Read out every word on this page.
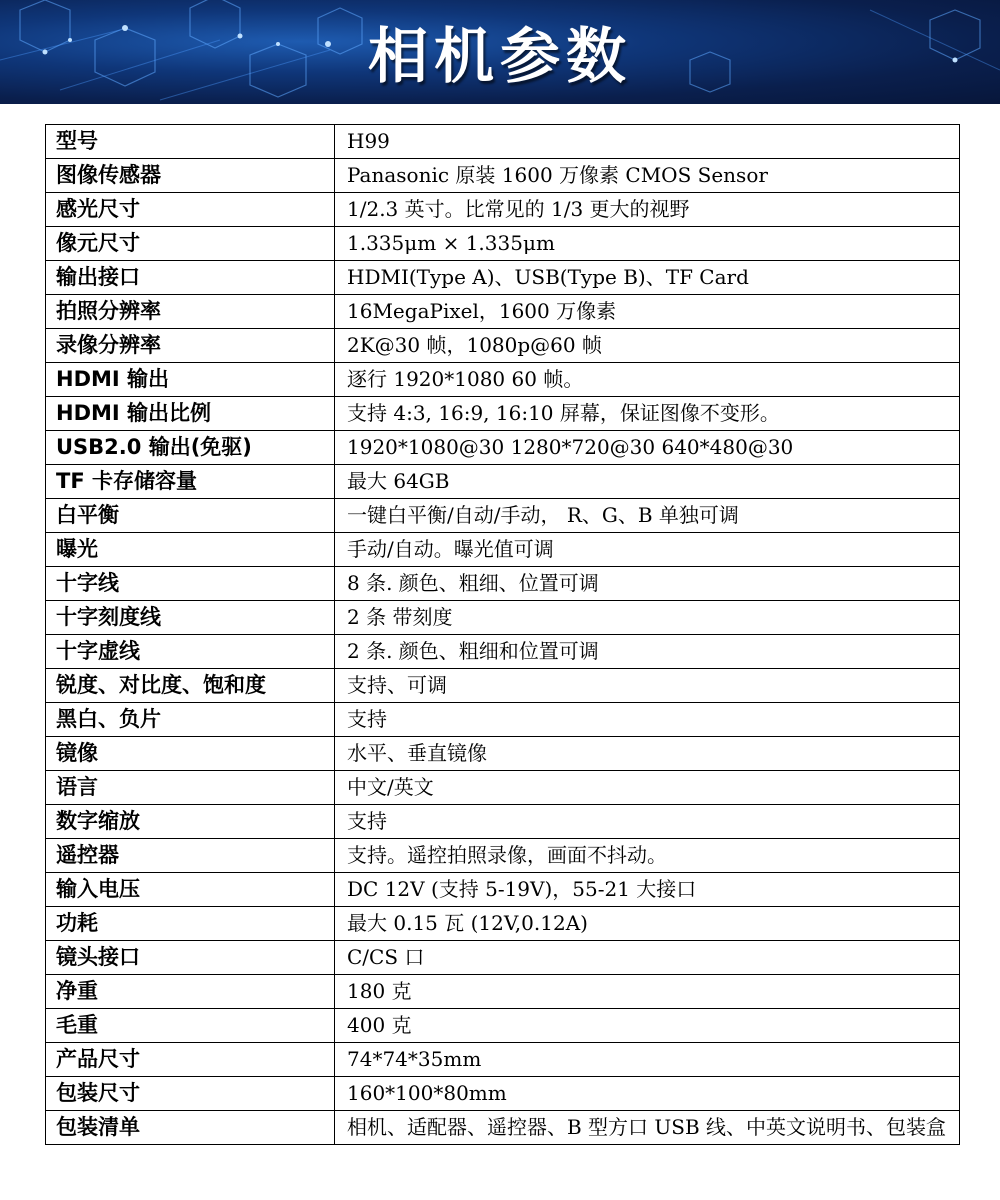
相机参数
型号	H99
图像传感器	Panasonic 原装 1600 万像素 CMOS Sensor
感光尺寸	1/2.3 英寸。比常见的 1/3 更大的视野
像元尺寸	1.335μm × 1.335μm
输出接口	HDMI(Type A)、USB(Type B)、TF Card
拍照分辨率	16MegaPixel，1600 万像素
录像分辨率	2K@30 帧，1080p@60 帧
HDMI 输出	逐行 1920*1080 60 帧。
HDMI 输出比例	支持 4:3, 16:9, 16:10 屏幕，保证图像不变形。
USB2.0 输出(免驱)	1920*1080@30 1280*720@30 640*480@30
TF 卡存储容量	最大 64GB
白平衡	一键白平衡/自动/手动， R、G、B 单独可调
曝光	手动/自动。曝光值可调
十字线	8 条. 颜色、粗细、位置可调
十字刻度线	2 条 带刻度
十字虚线	2 条. 颜色、粗细和位置可调
锐度、对比度、饱和度	支持、可调
黑白、负片	支持
镜像	水平、垂直镜像
语言	中文/英文
数字缩放	支持
遥控器	支持。遥控拍照录像，画面不抖动。
输入电压	DC 12V (支持 5-19V)，55-21 大接口
功耗	最大 0.15 瓦 (12V,0.12A)
镜头接口	C/CS 口
净重	180 克
毛重	400 克
产品尺寸	74*74*35mm
包装尺寸	160*100*80mm
包装清单	相机、适配器、遥控器、B 型方口 USB 线、中英文说明书、包装盒
